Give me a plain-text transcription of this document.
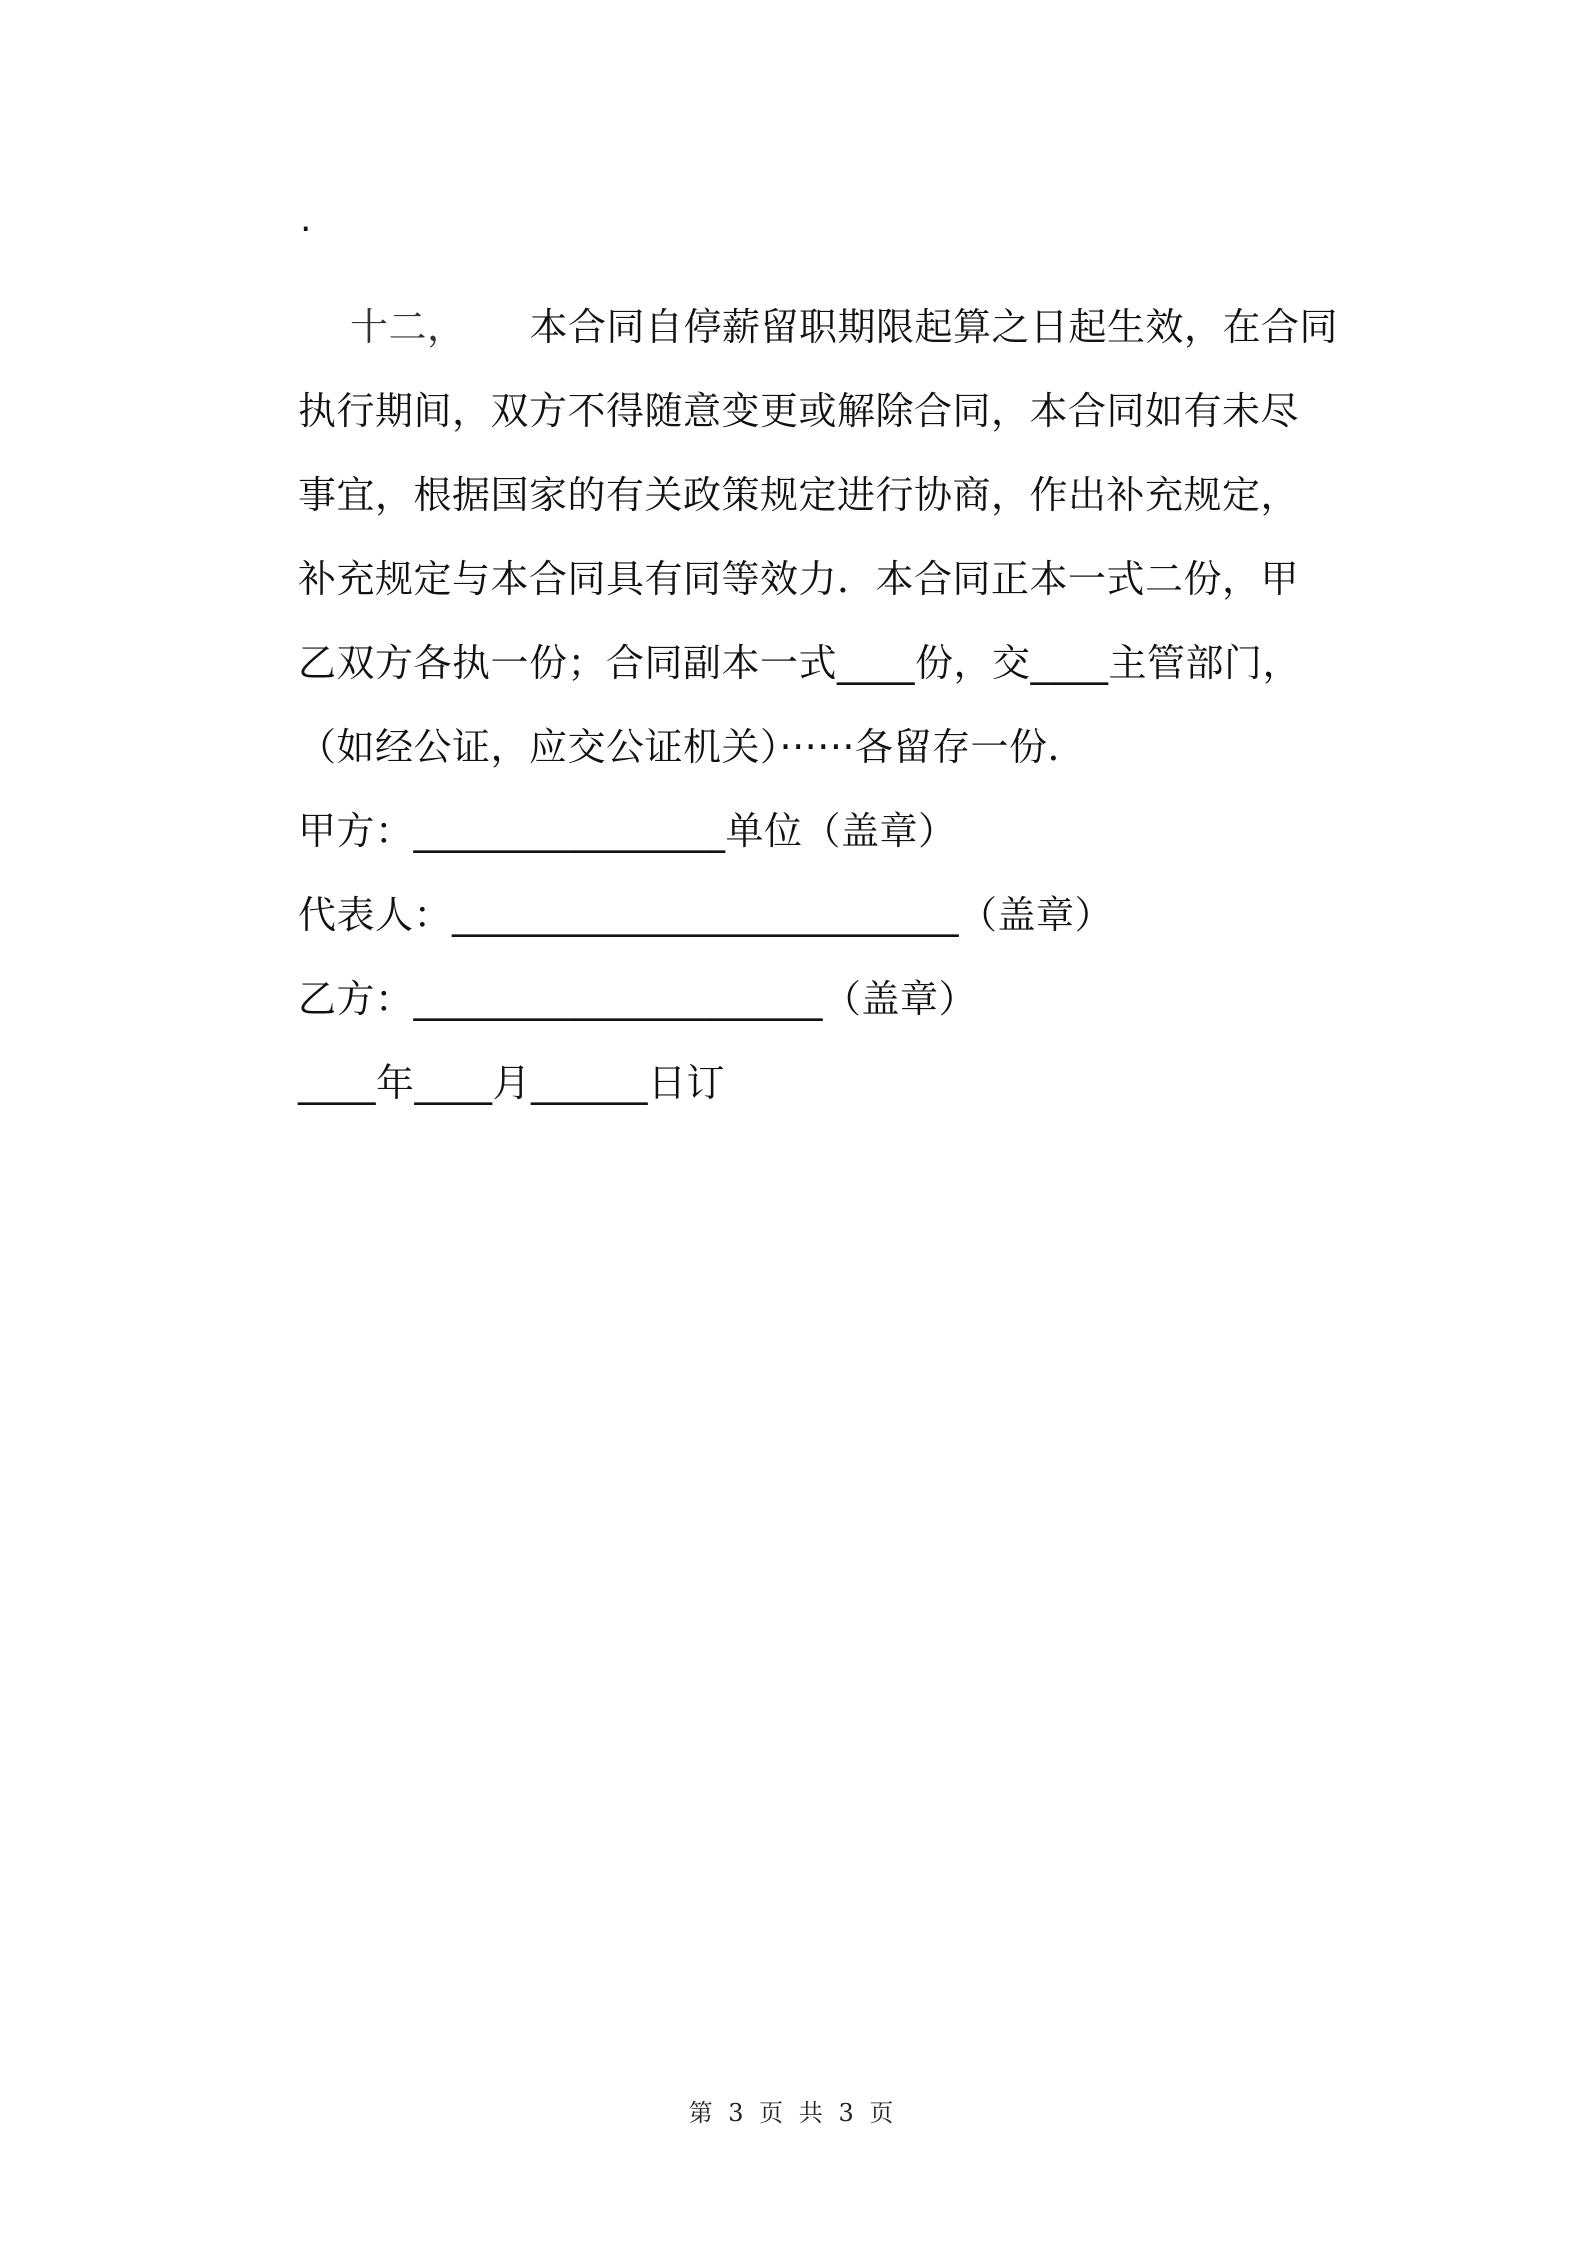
·
十二， 本合同自停薪留职期限起算之日起生效，在合同
执行期间，双方不得随意变更或解除合同，本合同如有未尽
事宜，根据国家的有关政策规定进行协商，作出补充规定，
补充规定与本合同具有同等效力．本合同正本一式二份，甲
乙双方各执一份；合同副本一式____份，交____主管部门，
（如经公证，应交公证机关）······各留存一份．
甲方：________________单位（盖章）
代表人：__________________________（盖章）
乙方：_____________________（盖章）
____年____月______日订
第 3 页 共 3 页
